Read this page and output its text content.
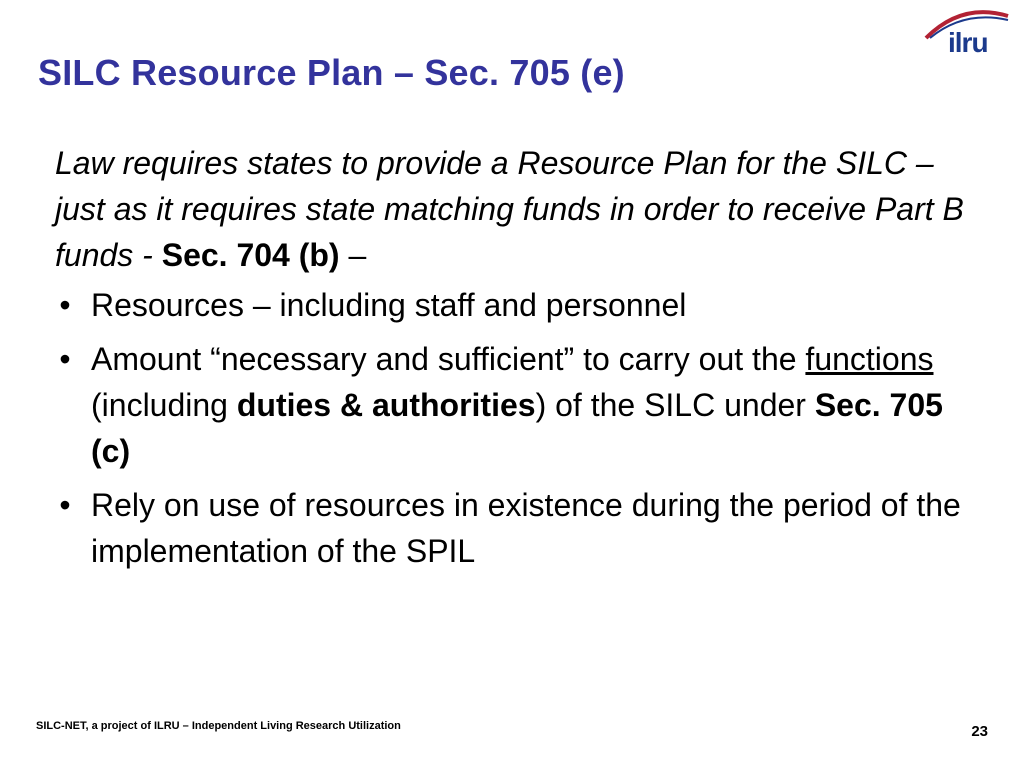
SILC Resource Plan – Sec. 705 (e)
ilru

Law requires states to provide a Resource Plan for the SILC – just as it requires state matching funds in order to receive Part B funds - Sec. 704 (b) –

• Resources – including staff and personnel
• Amount “necessary and sufficient” to carry out the functions (including duties & authorities) of the SILC under Sec. 705 (c)
• Rely on use of resources in existence during the period of the implementation of the SPIL
SILC-NET, a project of ILRU – Independent Living Research Utilization	23
